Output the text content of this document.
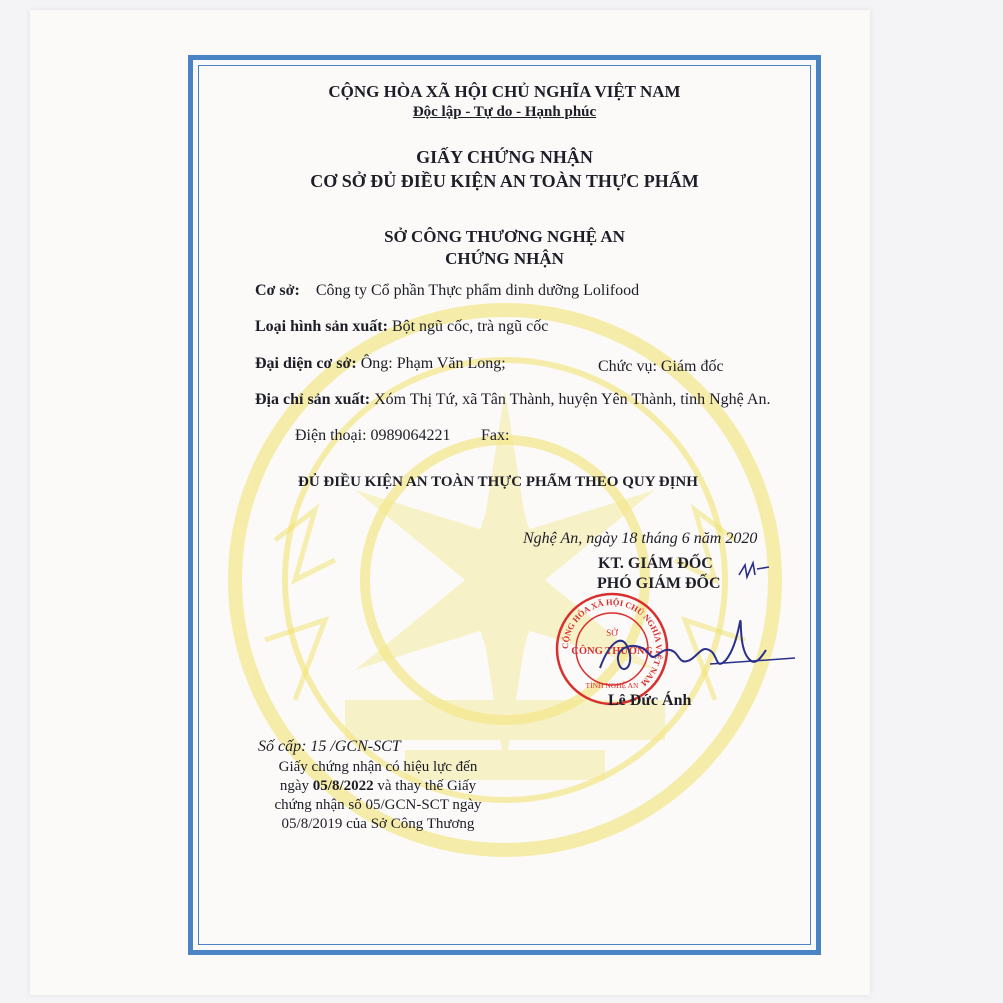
CỘNG HÒA XÃ HỘI CHỦ NGHĨA VIỆT NAM
Độc lập - Tự do - Hạnh phúc
GIẤY CHỨNG NHẬN
CƠ SỞ ĐỦ ĐIỀU KIỆN AN TOÀN THỰC PHẨM
SỞ CÔNG THƯƠNG NGHỆ AN
CHỨNG NHẬN
Cơ sở: Công ty Cổ phần Thực phẩm dinh dưỡng Lolifood
Loại hình sản xuất: Bột ngũ cốc, trà ngũ cốc
Đại diện cơ sở: Ông: Phạm Văn Long;	Chức vụ: Giám đốc
Địa chỉ sản xuất: Xóm Thị Tứ, xã Tân Thành, huyện Yên Thành, tỉnh Nghệ An.
Điện thoại: 0989064221 Fax:
ĐỦ ĐIỀU KIỆN AN TOÀN THỰC PHẨM THEO QUY ĐỊNH
Nghệ An, ngày 18 tháng 6 năm 2020
KT. GIÁM ĐỐC
PHÓ GIÁM ĐỐC
CỘNG HÒA XÃ HỘI CHỦ NGHĨA VIỆT NAM
SỞ
CÔNG THƯƠNG
TỈNH NGHỆ AN
Lê Đức Ánh
Số cấp: 15 /GCN-SCT
Giấy chứng nhận có hiệu lực đến
ngày 05/8/2022 và thay thế Giấy
chứng nhận số 05/GCN-SCT ngày
05/8/2019 của Sở Công Thương
